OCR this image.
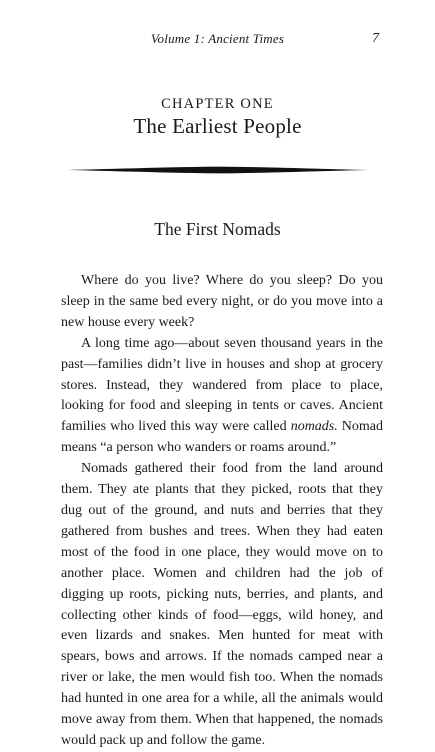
Volume 1: Ancient Times	7
CHAPTER ONE
The Earliest People
The First Nomads

Where do you live? Where do you sleep? Do you sleep in the same bed every night, or do you move into a new house every week?

A long time ago—about seven thousand years in the past—families didn’t live in houses and shop at grocery stores. Instead, they wandered from place to place, looking for food and sleeping in tents or caves. Ancient families who lived this way were called nomads. Nomad means “a person who wanders or roams around.”

Nomads gathered their food from the land around them. They ate plants that they picked, roots that they dug out of the ground, and nuts and berries that they gathered from bushes and trees. When they had eaten most of the food in one place, they would move on to another place. Women and children had the job of digging up roots, picking nuts, berries, and plants, and collecting other kinds of food—eggs, wild honey, and even lizards and snakes. Men hunted for meat with spears, bows and arrows. If the nomads camped near a river or lake, the men would fish too. When the nomads had hunted in one area for a while, all the animals would move away from them. When that happened, the nomads would pack up and follow the game.
